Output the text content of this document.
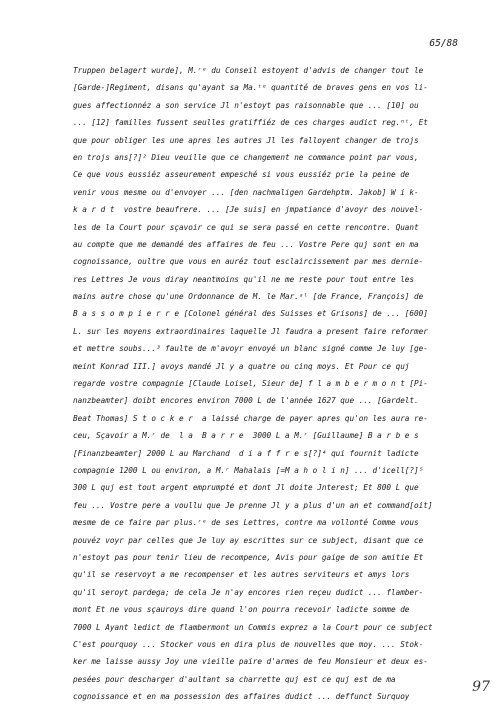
65/88
Truppen belagert wurde], M.ʳᵉ du Conseil estoyent d'advis de changer tout le
[Garde-]Regiment, disans qu'ayant sa Ma.ᵗᵉ quantité de braves gens en vos li-
gues affectionnéz a son service Jl n'estoyt pas raisonnable que ... [10] ou
... [12] familles fussent seulles gratiffiéz de ces charges audict reg.ⁿᵗ, Et
que pour obliger les une apres les autres Jl les falloyent changer de trojs
en trojs ans[?]² Dieu veuille que ce changement ne commance point par vous,
Ce que vous eussiéz asseurement empesché si vous eussiéz prie la peine de
venir vous mesme ou d'envoyer ... [den nachmaligen Gardehptm. Jakob] W i k-
k a r d t  vostre beaufrere. ... [Je suis] en jmpatiance d'avoyr des nouvel-
les de la Court pour sçavoir ce qui se sera passé en cette rencontre. Quant
au compte que me demandé des affaires de feu ... Vostre Pere quj sont en ma
cognoissance, oultre que vous en auréz tout esclaircissement par mes dernie-
res Lettres Je vous diray neantmoins qu'il ne me reste pour tout entre les
mains autre chose qu'une Ordonnance de M. le Mar.ᵃˡ [de France, François] de
B a s s o m p i e r r e [Colonel général des Suisses et Grisons] de ... [600]
L. sur les moyens extraordinaires laquelle Jl faudra a present faire reformer
et mettre soubs...³ faulte de m'avoyr envoyé un blanc signé comme Je luy [ge-
meint Konrad III.] avoys mandé Jl y a quatre ou cinq moys. Et Pour ce quj
regarde vostre compagnie [Claude Loisel, Sieur de] f l a m b e r m o n t [Pi-
nanzbeamter] doibt encores environ 7000 L de l'année 1627 que ... [Gardelt.
Beat Thomas] S t o c k e r  a laissé charge de payer apres qu'on les aura re-
ceu, Sçavoir a M.ʳ de  l a  B a r r e  3000 L a M.ʳ [Guillaume] B a r b e s
[Finanzbeamter] 2000 L au Marchand  d i a f f r e s[?]⁴ qui fournit ladicte
compagnie 1200 L ou environ, a M.ʳ Mahalais [=M a h o l i n] ... d'icell[?]⁵
300 L quj est tout argent emprumpté et dont Jl doite Jnterest; Et 800 L que
feu ... Vostre pere a voullu que Je prenne Jl y a plus d'un an et command[oit]
mesme de ce faire par plus.ʳᵉ de ses Lettres, contre ma vollonté Comme vous
pouvéz voyr par celles que Je luy ay escrittes sur ce subject, disant que ce
n'estoyt pas pour tenir lieu de recompence, Avis pour gaige de son amitie Et
qu'il se reservoyt a me recompenser et les autres serviteurs et amys lors
qu'il seroyt pardega; de cela Je n'ay encores rien reçeu dudict ... flamber-
mont Et ne vous sçauroys dire quand l'on pourra recevoir ladicte somme de
7000 L Ayant ledict de flambermont un Commis exprez a la Court pour ce subject
C'est pourquoy ... Stocker vous en dira plus de nouvelles que moy. ... Stok-
ker me laisse aussy Joy une vieille paire d'armes de feu Monsieur et deux es-
pesées pour descharger d'aultant sa charrette quj est ce quj est de ma
cognoissance et en ma possession des affaires dudict ... deffunct Surquoy
97
